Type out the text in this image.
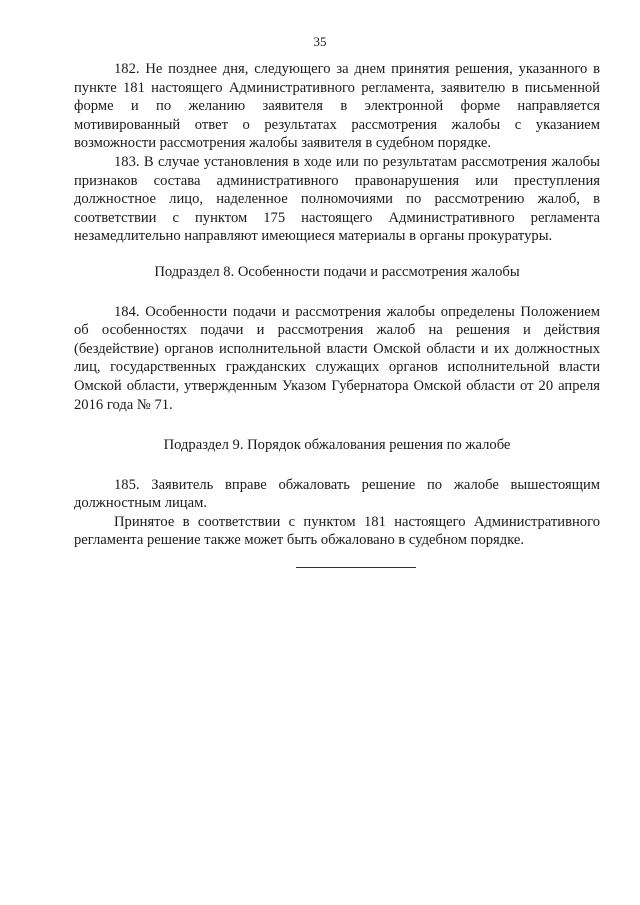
35

182. Не позднее дня, следующего за днем принятия решения, указанного в пункте 181 настоящего Административного регламента, заявителю в письменной форме и по желанию заявителя в электронной форме направляется мотивированный ответ о результатах рассмотрения жалобы с указанием возможности рассмотрения жалобы заявителя в судебном порядке.

183. В случае установления в ходе или по результатам рассмотрения жалобы признаков состава административного правонарушения или преступления должностное лицо, наделенное полномочиями по рассмотрению жалоб, в соответствии с пунктом 175 настоящего Административного регламента незамедлительно направляют имеющиеся материалы в органы прокуратуры.

Подраздел 8. Особенности подачи и рассмотрения жалобы

184. Особенности подачи и рассмотрения жалобы определены Положением об особенностях подачи и рассмотрения жалоб на решения и действия (бездействие) органов исполнительной власти Омской области и их должностных лиц, государственных гражданских служащих органов исполнительной власти Омской области, утвержденным Указом Губернатора Омской области от 20 апреля 2016 года № 71.

Подраздел 9. Порядок обжалования решения по жалобе

185. Заявитель вправе обжаловать решение по жалобе вышестоящим должностным лицам.

Принятое в соответствии с пунктом 181 настоящего Административного регламента решение также может быть обжаловано в судебном порядке.
